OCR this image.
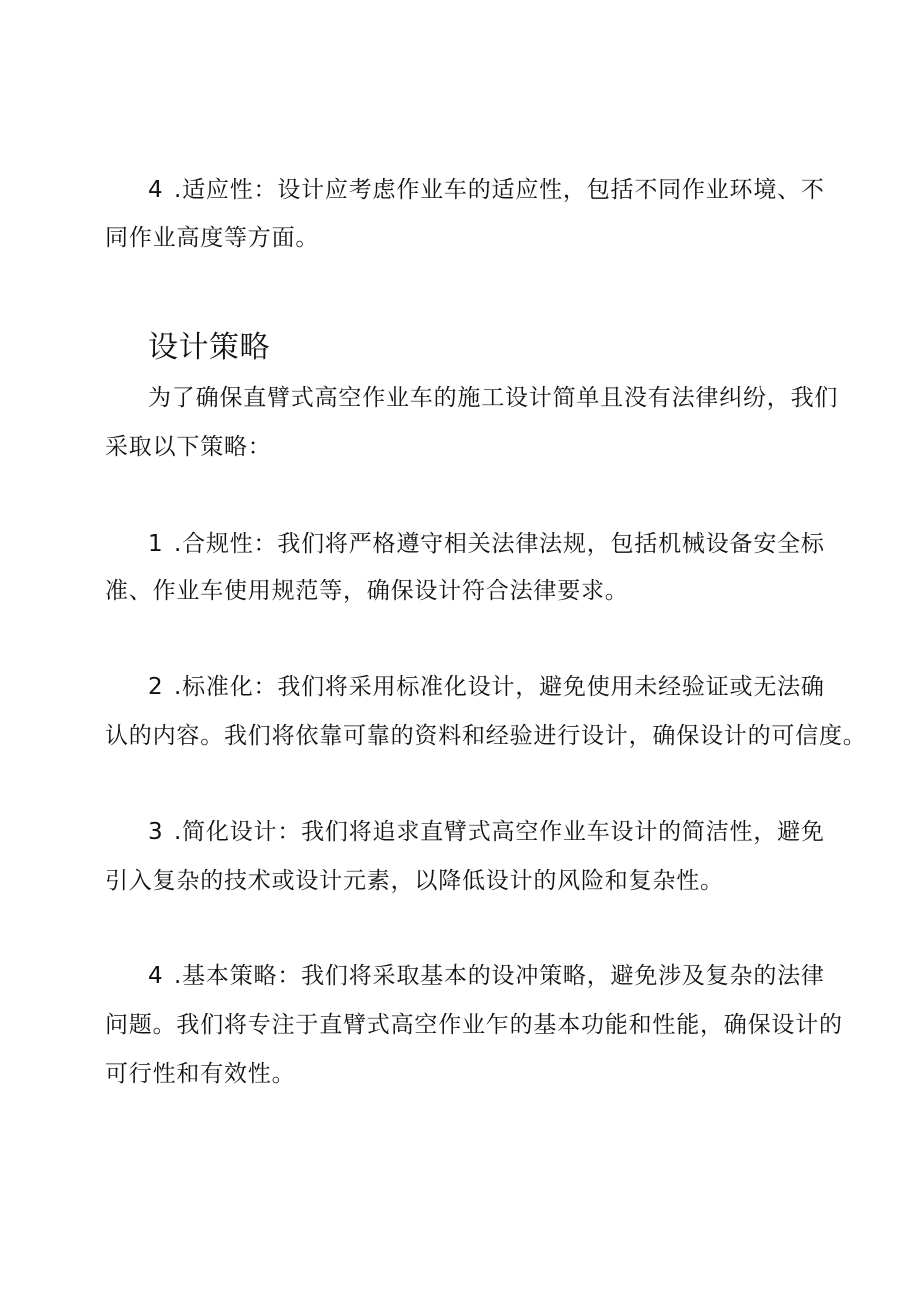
4 .适应性：设计应考虑作业车的适应性，包括不同作业环境、不

同作业高度等方面。

设计策略

为了确保直臂式高空作业车的施工设计简单且没有法律纠纷，我们

采取以下策略：

1 .合规性：我们将严格遵守相关法律法规，包括机械设备安全标

准、作业车使用规范等，确保设计符合法律要求。

2 .标准化：我们将采用标准化设计，避免使用未经验证或无法确

认的内容。我们将依靠可靠的资料和经验进行设计，确保设计的可信度。

3 .简化设计：我们将追求直臂式高空作业车设计的简洁性，避免

引入复杂的技术或设计元素，以降低设计的风险和复杂性。

4 .基本策略：我们将采取基本的设冲策略，避免涉及复杂的法律

问题。我们将专注于直臂式高空作业乍的基本功能和性能，确保设计的

可行性和有效性。
